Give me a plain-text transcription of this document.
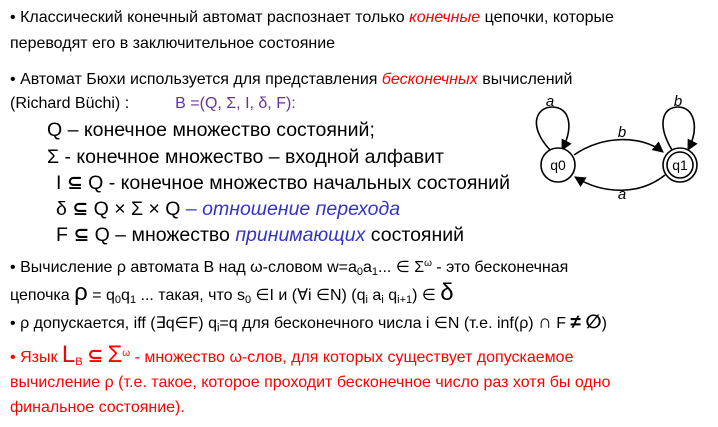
• Классический конечный автомат распознает только конечные цепочки, которые
переводят его в заключительное состояние
• Автомат Бюхи используется для представления бесконечных вычислений
(Richard Büchi) :	B =(Q, Σ, I, δ, F):
Q – конечное множество состояний;
Σ - конечное множество – входной алфавит
I ⊆ Q - конечное множество начальных состояний
δ ⊆ Q × Σ × Q – отношение перехода
F ⊆ Q – множество принимающих состояний
• Вычисление ρ автомата B над ω-словом $w=a_0a_1$... ∈ $\Sigma^\omega$ - это бесконечная
цепочка $\rho = q_0q_1$ ... такая, что $s_0$ ∈I и (∀i ∈N) ($q_i$ $a_i$ $q_{i+1}$) ∈ δ
• ρ допускается, iff (∃q∈F) $q_i=q$ для бесконечного числа i ∈N (т.е. inf(ρ) ∩ F ≠ ∅)
• Язык $L_B$ ⊆ $\Sigma^\omega$ - множество ω-слов, для которых существует допускаемое
вычисление ρ (т.е. такое, которое проходит бесконечное число раз хотя бы одно
финальное состояние).
q0	q1
a	b
b
a
